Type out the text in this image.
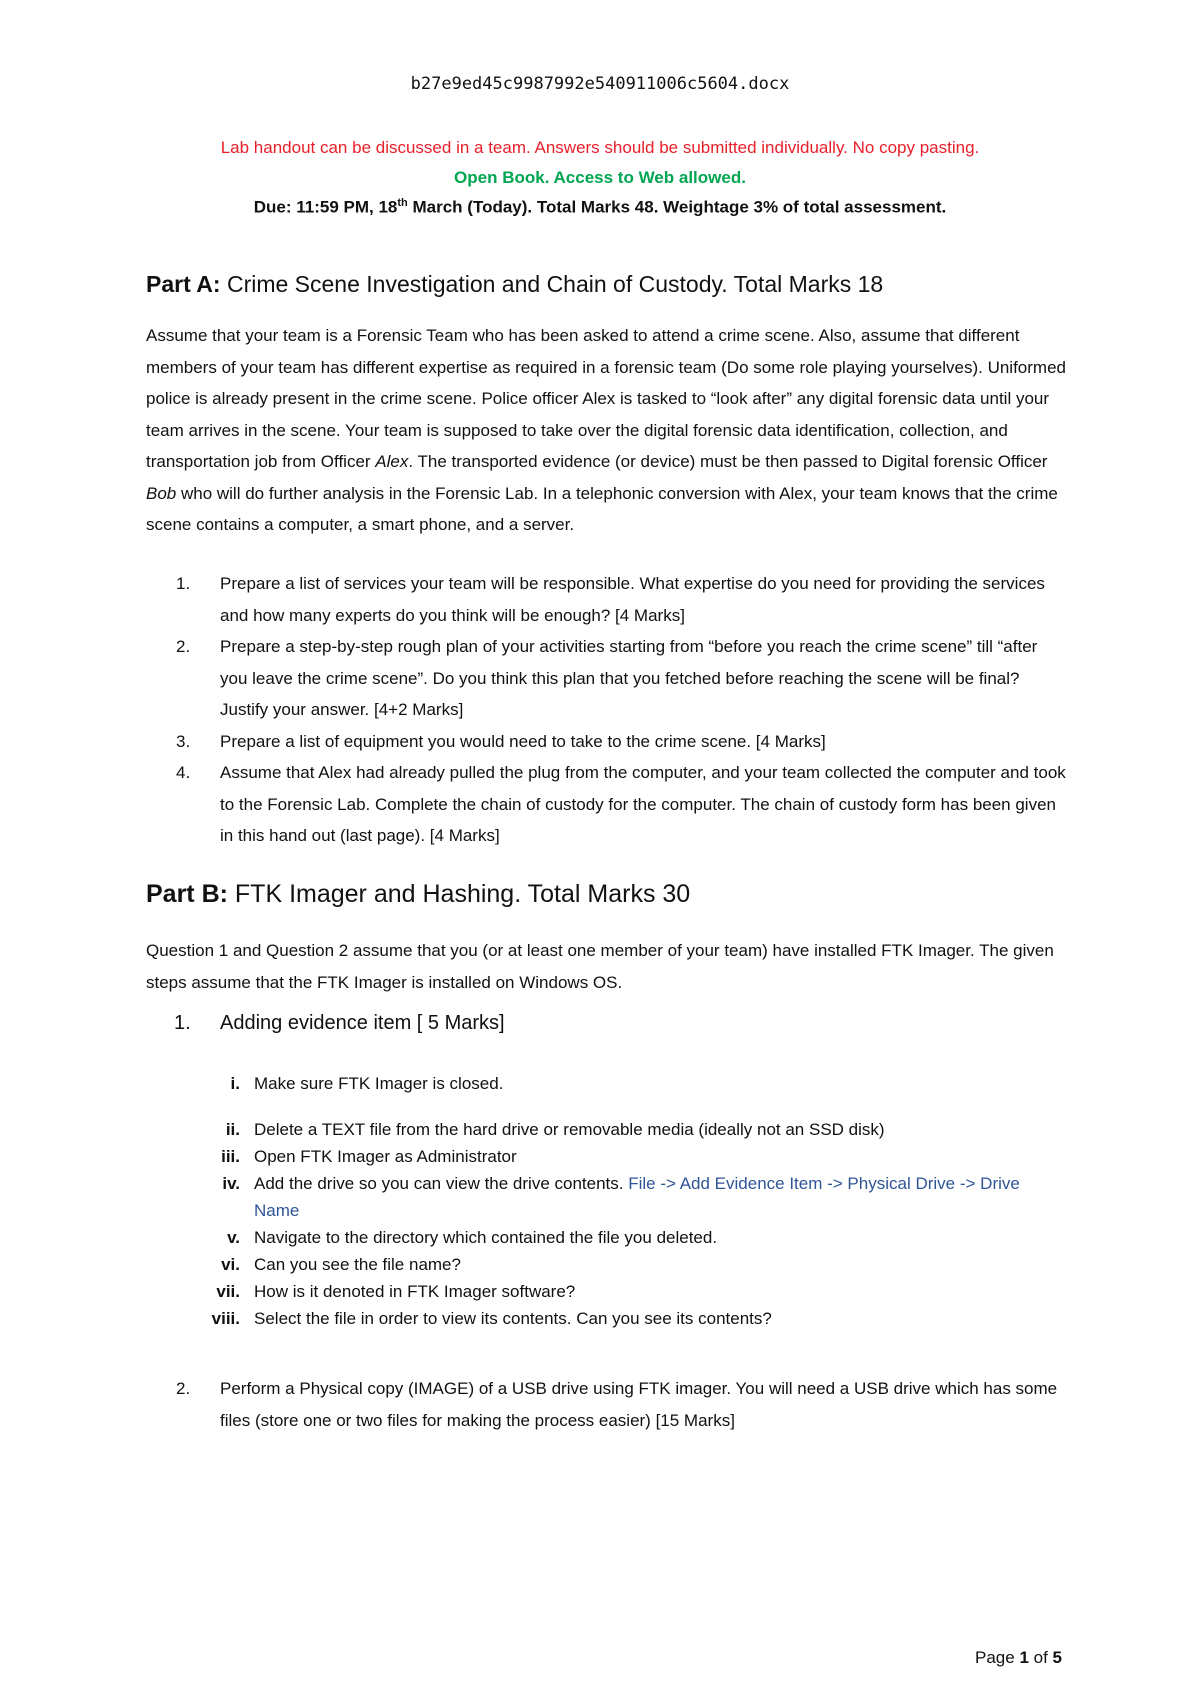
b27e9ed45c9987992e540911006c5604.docx
Lab handout can be discussed in a team. Answers should be submitted individually. No copy pasting.
Open Book. Access to Web allowed.
Due: 11:59 PM, 18th March (Today). Total Marks 48. Weightage 3% of total assessment.
Part A: Crime Scene Investigation and Chain of Custody. Total Marks 18
Assume that your team is a Forensic Team who has been asked to attend a crime scene. Also, assume that different members of your team has different expertise as required in a forensic team (Do some role playing yourselves). Uniformed police is already present in the crime scene. Police officer Alex is tasked to “look after” any digital forensic data until your team arrives in the scene. Your team is supposed to take over the digital forensic data identification, collection, and transportation job from Officer Alex. The transported evidence (or device) must be then passed to Digital forensic Officer Bob who will do further analysis in the Forensic Lab. In a telephonic conversion with Alex, your team knows that the crime scene contains a computer, a smart phone, and a server.
1.	Prepare a list of services your team will be responsible. What expertise do you need for providing the services and how many experts do you think will be enough? [4 Marks]
2.	Prepare a step-by-step rough plan of your activities starting from “before you reach the crime scene” till “after you leave the crime scene”. Do you think this plan that you fetched before reaching the scene will be final? Justify your answer. [4+2 Marks]
3.	Prepare a list of equipment you would need to take to the crime scene. [4 Marks]
4.	Assume that Alex had already pulled the plug from the computer, and your team collected the computer and took to the Forensic Lab. Complete the chain of custody for the computer. The chain of custody form has been given in this hand out (last page). [4 Marks]
Part B: FTK Imager and Hashing. Total Marks 30
Question 1 and Question 2 assume that you (or at least one member of your team) have installed FTK Imager. The given steps assume that the FTK Imager is installed on Windows OS.
1. Adding evidence item [ 5 Marks]
i. Make sure FTK Imager is closed.
ii. Delete a TEXT file from the hard drive or removable media (ideally not an SSD disk)
iii. Open FTK Imager as Administrator
iv. Add the drive so you can view the drive contents. File -> Add Evidence Item -> Physical Drive -> Drive Name
v. Navigate to the directory which contained the file you deleted.
vi. Can you see the file name?
vii. How is it denoted in FTK Imager software?
viii. Select the file in order to view its contents. Can you see its contents?
2.	Perform a Physical copy (IMAGE) of a USB drive using FTK imager. You will need a USB drive which has some files (store one or two files for making the process easier) [15 Marks]
Page 1 of 5
